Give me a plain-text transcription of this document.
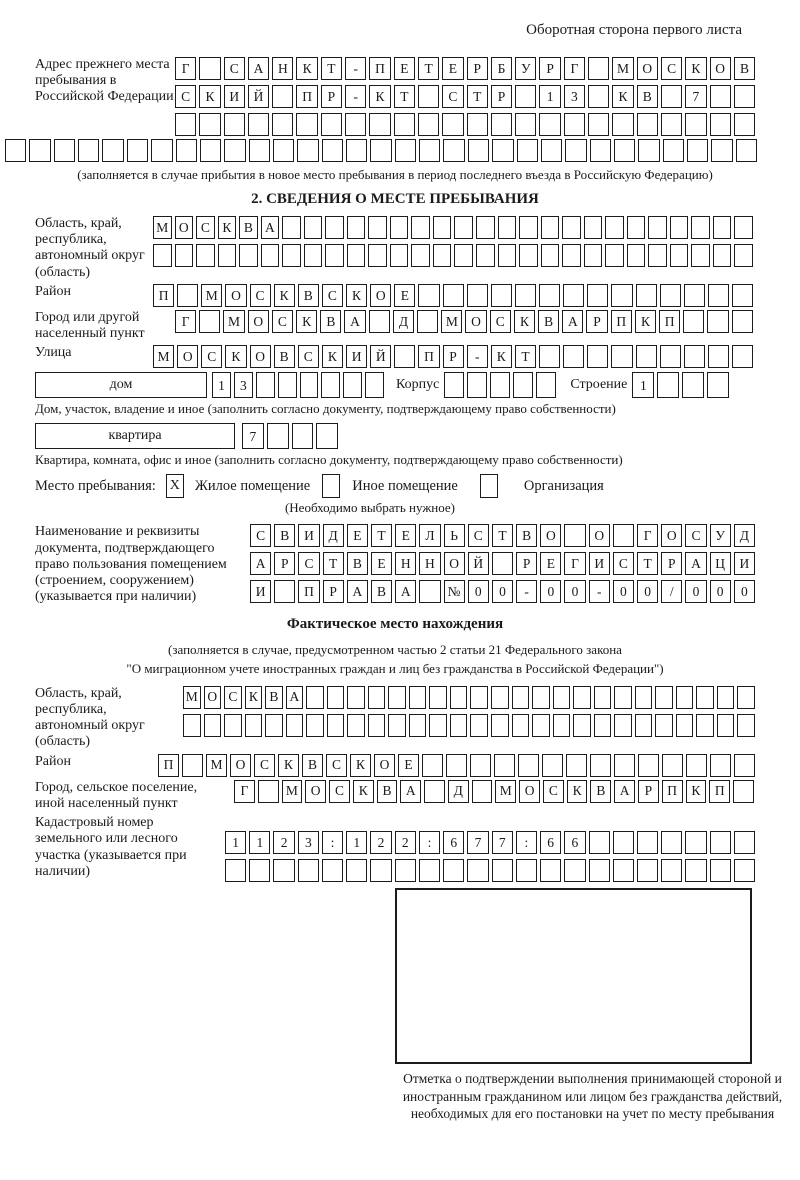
Оборотная сторона первого листа
Адрес прежнего места пребывания в Российской Федерации
Г	С	А	Н	К	Т	-	П	Е	Т	Е	Р	Б	У	Р	Г	М О	С	К	О	В
С	К	И	Й	П	Р	-	К	Т	С	Т	Р	1	3	К	В	7
(заполняется в случае прибытия в новое место пребывания в период последнего въезда в Российскую Федерацию)
2. СВЕДЕНИЯ О МЕСТЕ ПРЕБЫВАНИЯ
Область, край, республика, автономный округ (область)
М О С К В А
Район	П	М О	С	К	В	С	К	О	Е
Город или другой населенный пункт
Г	М О	С	К	В	А	Д	М О	С	К	В	А	Р	П	К	П
Улица	М О	С	К	О	В	С	К	И	Й	П	Р	-	К	Т
дом	1	3	Корпус	Строение 1
Дом, участок, владение и иное (заполнить согласно документу, подтверждающему право собственности)
квартира	7
Квартира, комната, офис и иное (заполнить согласно документу, подтверждающему право собственности)
Место пребывания: X Жилое помещение	Иное помещение	Организация
(Необходимо выбрать нужное)
Наименование и реквизиты документа, подтверждающего право пользования помещением (строением, сооружением) (указывается при наличии)
С	В	И	Д	Е	Т	Е	Л	Ь	С	Т	В	О	О	Г	О	С	У	Д
А	Р	С	Т	В	Е	Н	Н	О	Й	Р	Е	Г	И	С	Т	Р	А	Ц	И
И	П	Р	А	В	А	№	0	0	-	0	0	-	0	0	/	0	0	0
Фактическое место нахождения
(заполняется в случае, предусмотренном частью 2 статьи 21 Федерального закона
"О миграционном учете иностранных граждан и лиц без гражданства в Российской Федерации")
Область, край, республика, автономный округ (область)
М О С К В А
Район	П	М О	С	К	В	С	К	О	Е
Город, сельское поселение, иной населенный пункт
Г	М О	С	К	В	А	Д	М О	С	К	В	А	Р	П	К	П
Кадастровый номер земельного или лесного участка (указывается при наличии)
1	1	2	3	:	1	2	2	:	6	7	7	:	6	6
Отметка о подтверждении выполнения принимающей стороной и иностранным гражданином или лицом без гражданства действий, необходимых для его постановки на учет по месту пребывания
